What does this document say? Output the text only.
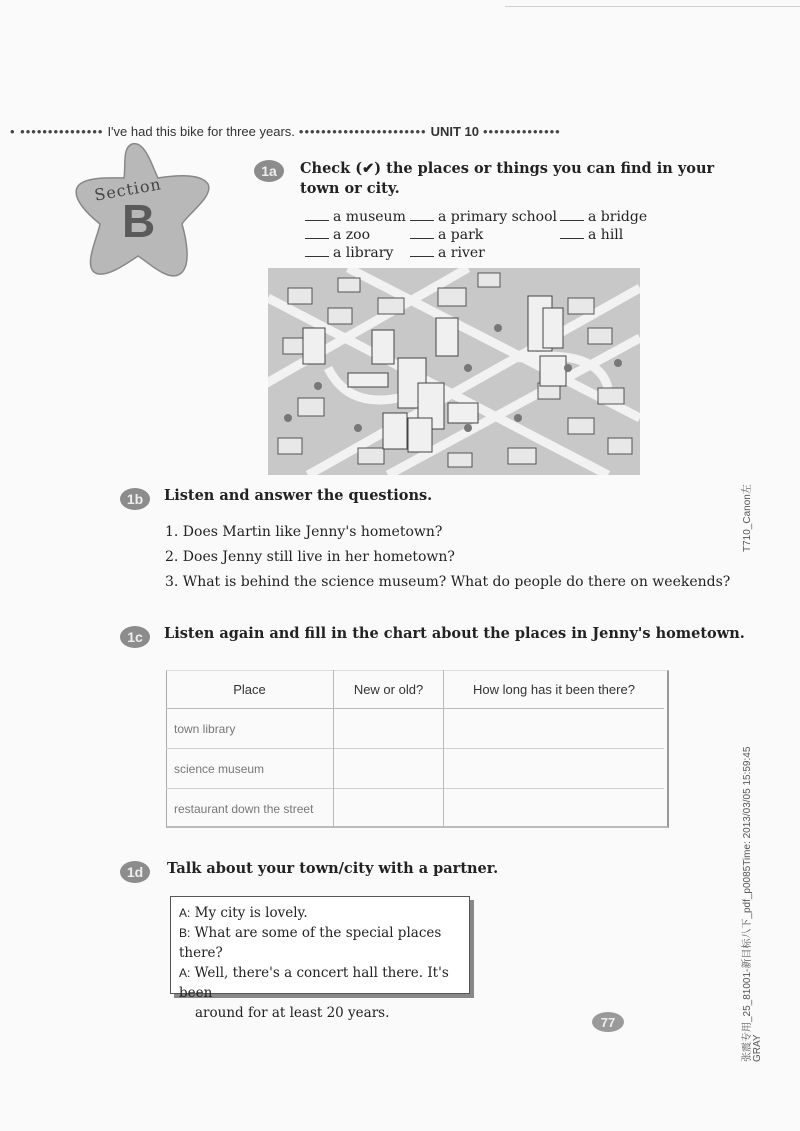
• ••••••••••••••• I've had this bike for three years. ••••••••••••••••••••••• UNIT 10 ••••••••••••••
Section
B
1a	Check (✔) the places or things you can find in your
town or city.
a museum	a primary school	a bridge
a zoo	a park	a hill
a library	a river
1b	Listen and answer the questions.
1. Does Martin like Jenny's hometown?
2. Does Jenny still live in her hometown?
3. What is behind the science museum? What do people do there on weekends?
1c	Listen again and fill in the chart about the places in Jenny's hometown.
Place	New or old?	How long has it been there?
town library		
science museum		
restaurant down the street		
1d	Talk about your town/city with a partner.
A: My city is lovely.
B: What are some of the special places there?
A: Well, there's a concert hall there. It's been
around for at least 20 years.
77
T710_Canon左
张震专用_25_81001-新目标八下_pdf_p0085Time: 2013/03/05 15:59:45 GRAY
